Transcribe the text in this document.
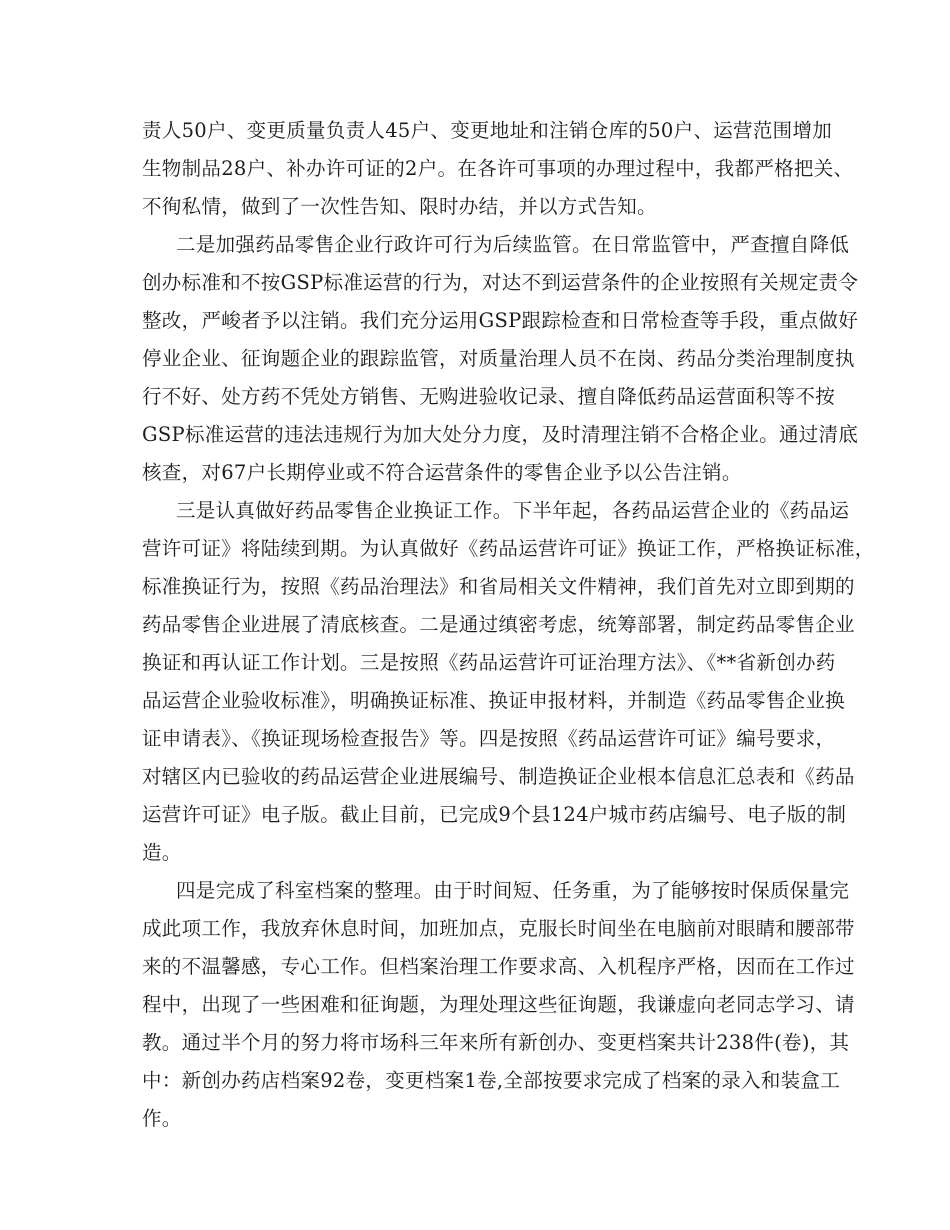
责人50户、变更质量负责人45户、变更地址和注销仓库的50户、运营范围增加
生物制品28户、补办许可证的2户。在各许可事项的办理过程中，我都严格把关、
不徇私情，做到了一次性告知、限时办结，并以方式告知。
二是加强药品零售企业行政许可行为后续监管。在日常监管中，严查擅自降低
创办标准和不按GSP标准运营的行为，对达不到运营条件的企业按照有关规定责令
整改，严峻者予以注销。我们充分运用GSP跟踪检查和日常检查等手段，重点做好
停业企业、征询题企业的跟踪监管，对质量治理人员不在岗、药品分类治理制度执
行不好、处方药不凭处方销售、无购进验收记录、擅自降低药品运营面积等不按
GSP标准运营的违法违规行为加大处分力度，及时清理注销不合格企业。通过清底
核查，对67户长期停业或不符合运营条件的零售企业予以公告注销。
三是认真做好药品零售企业换证工作。下半年起，各药品运营企业的《药品运
营许可证》将陆续到期。为认真做好《药品运营许可证》换证工作，严格换证标准，
标准换证行为，按照《药品治理法》和省局相关文件精神，我们首先对立即到期的
药品零售企业进展了清底核查。二是通过缜密考虑，统筹部署，制定药品零售企业
换证和再认证工作计划。三是按照《药品运营许可证治理方法》、《**省新创办药
品运营企业验收标准》，明确换证标准、换证申报材料，并制造《药品零售企业换
证申请表》、《换证现场检查报告》等。四是按照《药品运营许可证》编号要求，
对辖区内已验收的药品运营企业进展编号、制造换证企业根本信息汇总表和《药品
运营许可证》电子版。截止目前，已完成9个县124户城市药店编号、电子版的制
造。
四是完成了科室档案的整理。由于时间短、任务重，为了能够按时保质保量完
成此项工作，我放弃休息时间，加班加点，克服长时间坐在电脑前对眼睛和腰部带
来的不温馨感，专心工作。但档案治理工作要求高、入机程序严格，因而在工作过
程中，出现了一些困难和征询题，为理处理这些征询题，我谦虚向老同志学习、请
教。通过半个月的努力将市场科三年来所有新创办、变更档案共计238件(卷)，其
中：新创办药店档案92卷，变更档案1卷,全部按要求完成了档案的录入和装盒工
作。
